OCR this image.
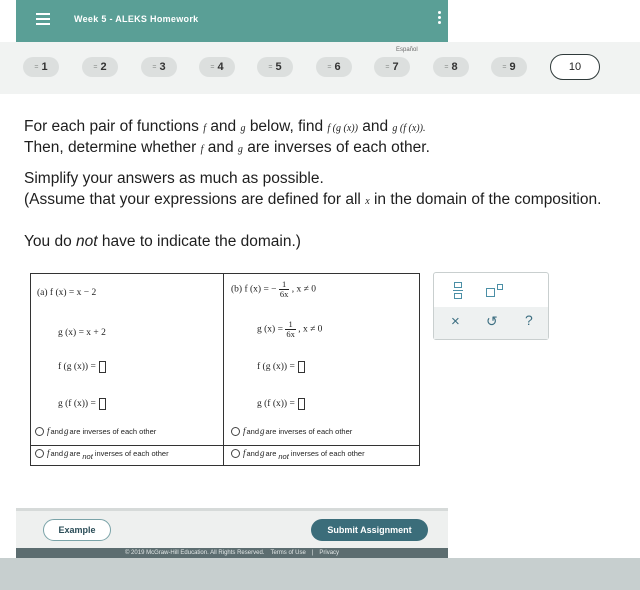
Week 5 - ALEKS Homework
Español
= 1	= 2	= 3	= 4	= 5	= 6	= 7	= 8	= 9	10
For each pair of functions f and g below, find f (g (x)) and g (f (x)).
Then, determine whether f and g are inverses of each other.
Simplify your answers as much as possible.
(Assume that your expressions are defined for all x in the domain of the composition.
You do not have to indicate the domain.)
(a) f (x) = x − 2
g (x) = x + 2
f (g (x)) =
g (f (x)) =
f and g are inverses of each other
f and g are not inverses of each other
(b) f (x) = − $\frac{1}{6x}$ , x ≠ 0
g $(x) = \frac{1}{6x}$ , x ≠ 0
f (g (x)) =
g (f (x)) =
f and g are inverses of each other
f and g are not inverses of each other
× ↺ ?
Example	Submit Assignment
© 2019 McGraw-Hill Education. All Rights Reserved. Terms of Use | Privacy
